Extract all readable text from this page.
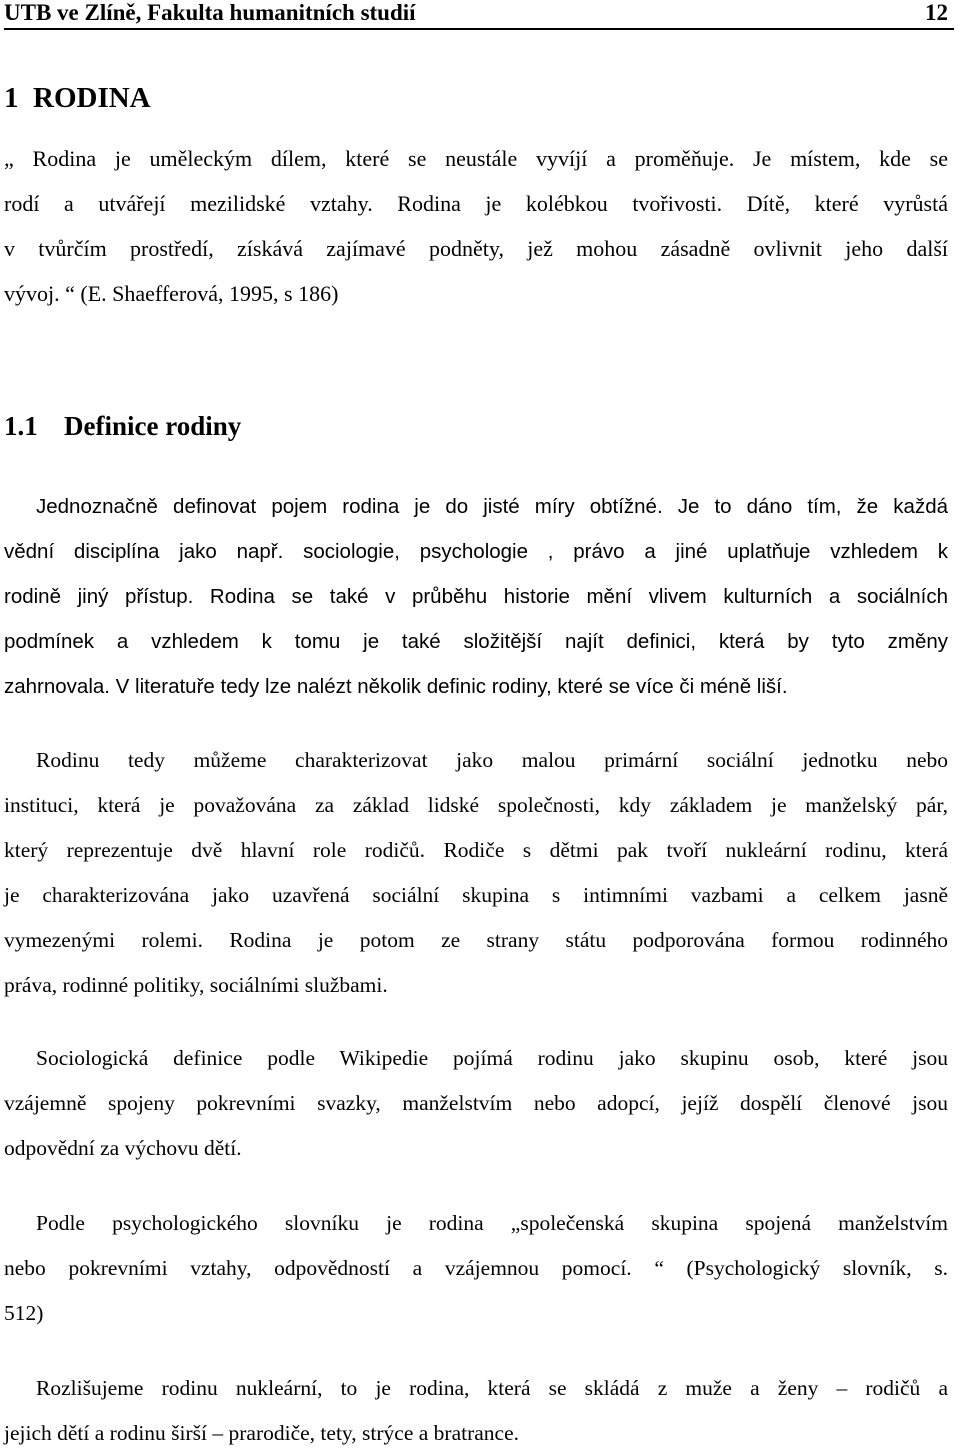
UTB ve Zlíně, Fakulta humanitních studií	12
1 RODINA
„ Rodina je uměleckým dílem, které se neustále vyvíjí a proměňuje. Je místem, kde se
rodí a utvářejí mezilidské vztahy. Rodina je kolébkou tvořivosti. Dítě, které vyrůstá
v tvůrčím prostředí, získává zajímavé podněty, jež mohou zásadně ovlivnit jeho další
vývoj. “ (E. Shaefferová, 1995, s 186)
1.1 Definice rodiny
Jednoznačně definovat pojem rodina je do jisté míry obtížné. Je to dáno tím, že každá
vědní disciplína jako např. sociologie, psychologie , právo a jiné uplatňuje vzhledem k
rodině jiný přístup. Rodina se také v průběhu historie mění vlivem kulturních a sociálních
podmínek a vzhledem k tomu je také složitější najít definici, která by tyto změny
zahrnovala. V literatuře tedy lze nalézt několik definic rodiny, které se více či méně liší.
Rodinu tedy můžeme charakterizovat jako malou primární sociální jednotku nebo
instituci, která je považována za základ lidské společnosti, kdy základem je manželský pár,
který reprezentuje dvě hlavní role rodičů. Rodiče s dětmi pak tvoří nukleární rodinu, která
je charakterizována jako uzavřená sociální skupina s intimními vazbami a celkem jasně
vymezenými rolemi. Rodina je potom ze strany státu podporována formou rodinného
práva, rodinné politiky, sociálními službami.
Sociologická definice podle Wikipedie pojímá rodinu jako skupinu osob, které jsou
vzájemně spojeny pokrevními svazky, manželstvím nebo adopcí, jejíž dospělí členové jsou
odpovědní za výchovu dětí.
Podle psychologického slovníku je rodina „společenská skupina spojená manželstvím
nebo pokrevními vztahy, odpovědností a vzájemnou pomocí. “ (Psychologický slovník, s.
512)
Rozlišujeme rodinu nukleární, to je rodina, která se skládá z muže a ženy – rodičů a
jejich dětí a rodinu širší – prarodiče, tety, strýce a bratrance.
